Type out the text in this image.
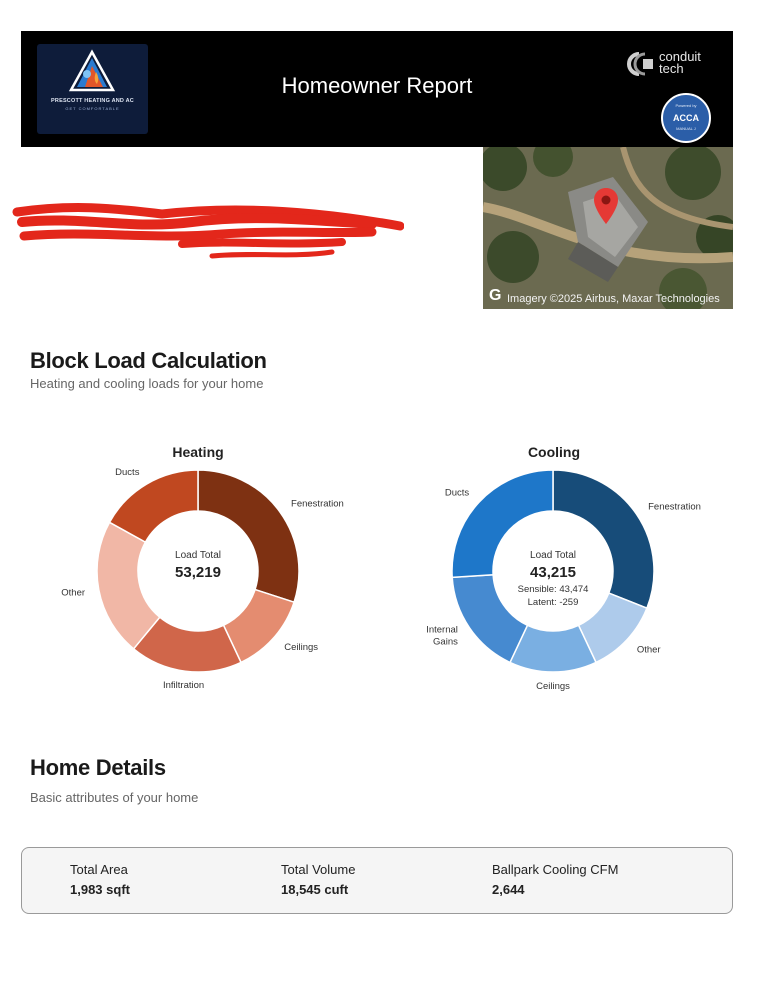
PRESCOTT HEATING AND AC
GET COMFORTABLE
Homeowner Report
conduit
tech
Powered by
ACCA
MANUAL J
G Imagery ©2025 Airbus, Maxar Technologies
Block Load Calculation
Heating and cooling loads for your home
Heating	Cooling
Fenestration
Ceilings
Infiltration
Other
Ducts
Load Total
53,219
Fenestration
Other
Ceilings
Internal
Gains
Ducts
Load Total
43,215
Sensible: 43,474
Latent: -259
Home Details
Basic attributes of your home
Total Area
1,983 sqft
Total Volume
18,545 cuft
Ballpark Cooling CFM
2,644
